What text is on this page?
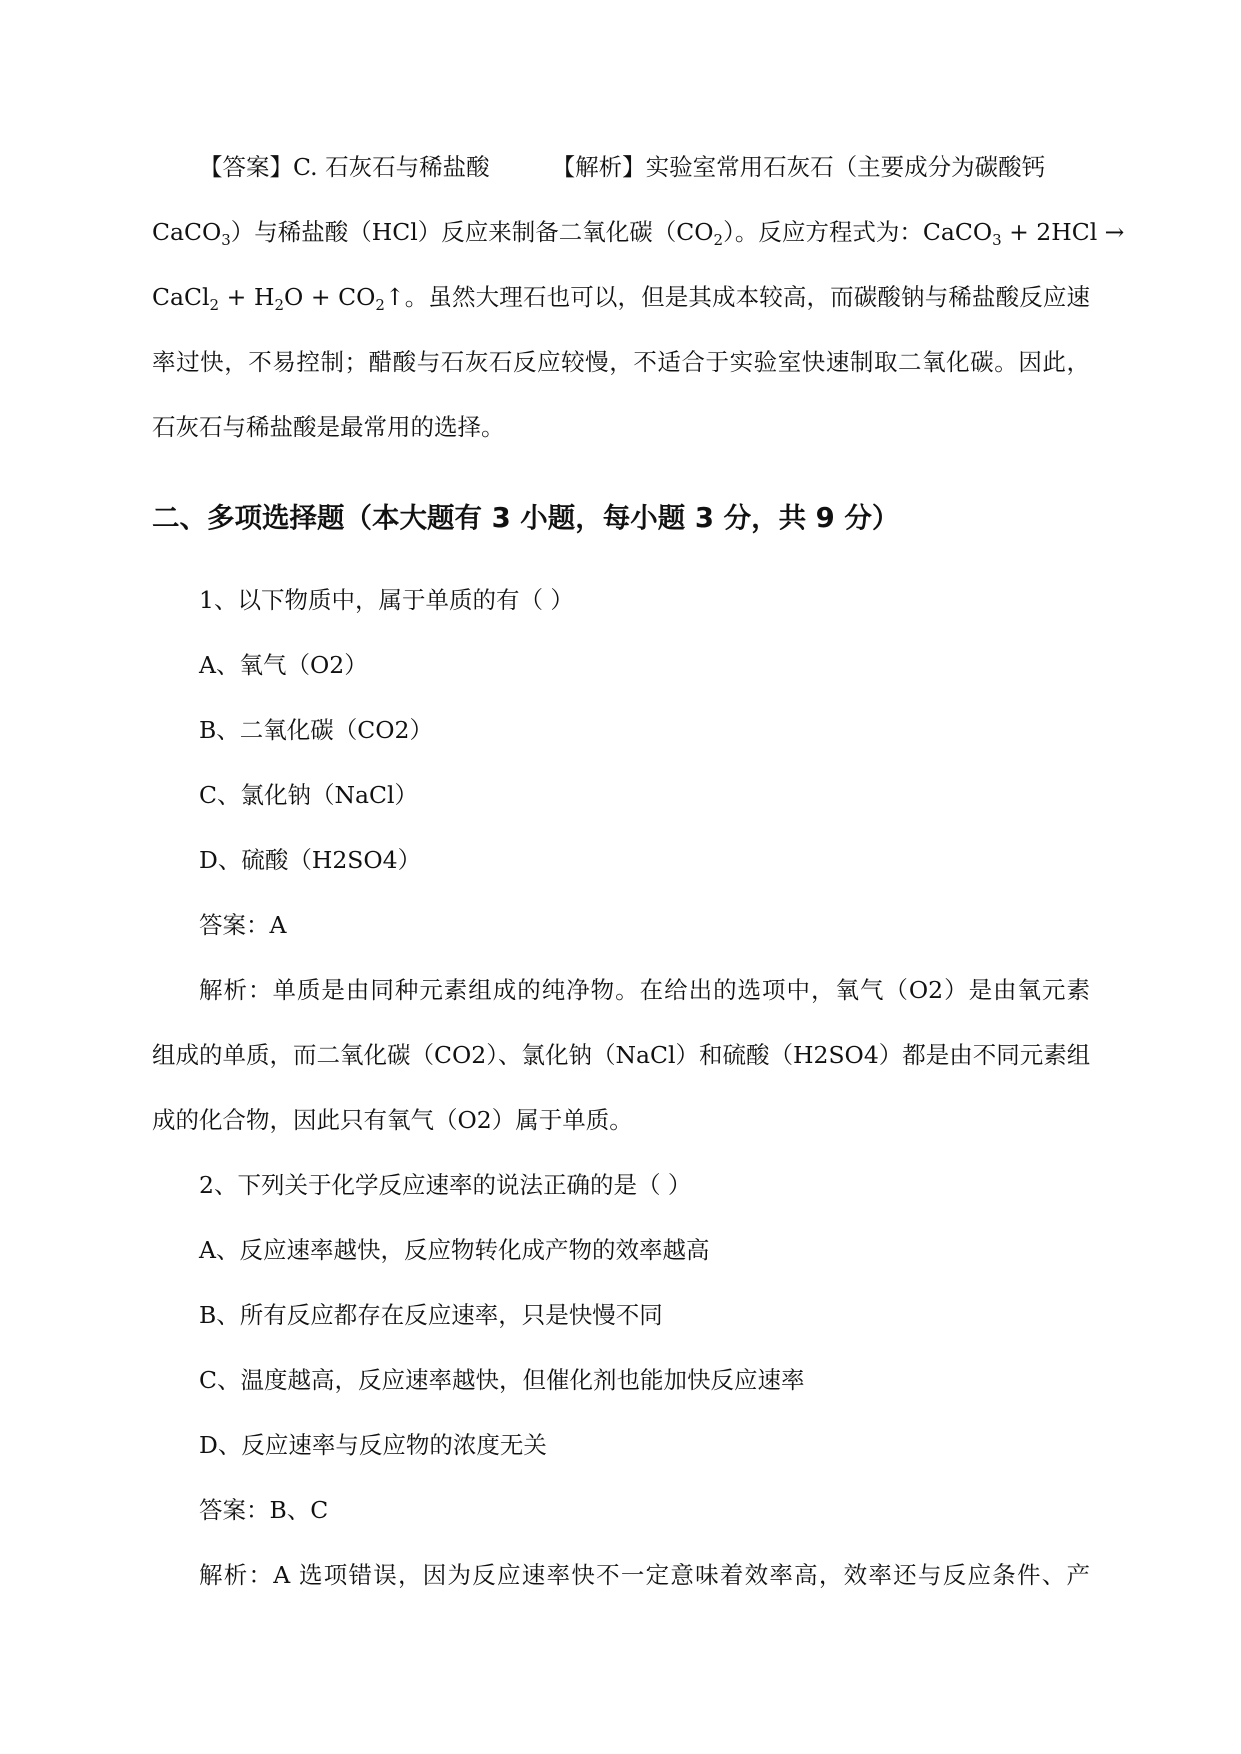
【答案】C. 石灰石与稀盐酸	【解析】实验室常用石灰石（主要成分为碳酸钙
CaCO$_3$）与稀盐酸（HCl）反应来制备二氧化碳$(CO_2)$。反应方程式为：CaCO$_3$ + 2HCl →
CaCl$_2$ + $H_2O$ + $CO_2↑$。虽然大理石也可以，但是其成本较高，而碳酸钠与稀盐酸反应速
率过快，不易控制；醋酸与石灰石反应较慢，不适合于实验室快速制取二氧化碳。因此，
石灰石与稀盐酸是最常用的选择。
二、多项选择题（本大题有 3 小题，每小题 3 分，共 9 分）
1、以下物质中，属于单质的有（ ）
A、氧气（O2）
B、二氧化碳（CO2）
C、氯化钠（NaCl）
D、硫酸（H2SO4）
答案：A
解析：单质是由同种元素组成的纯净物。在给出的选项中，氧气（O2）是由氧元素
组成的单质，而二氧化碳（CO2）、氯化钠（NaCl）和硫酸（H2SO4）都是由不同元素组
成的化合物，因此只有氧气（O2）属于单质。
2、下列关于化学反应速率的说法正确的是（ ）
A、反应速率越快，反应物转化成产物的效率越高
B、所有反应都存在反应速率，只是快慢不同
C、温度越高，反应速率越快，但催化剂也能加快反应速率
D、反应速率与反应物的浓度无关
答案：B、C
解析：A 选项错误，因为反应速率快不一定意味着效率高，效率还与反应条件、产
